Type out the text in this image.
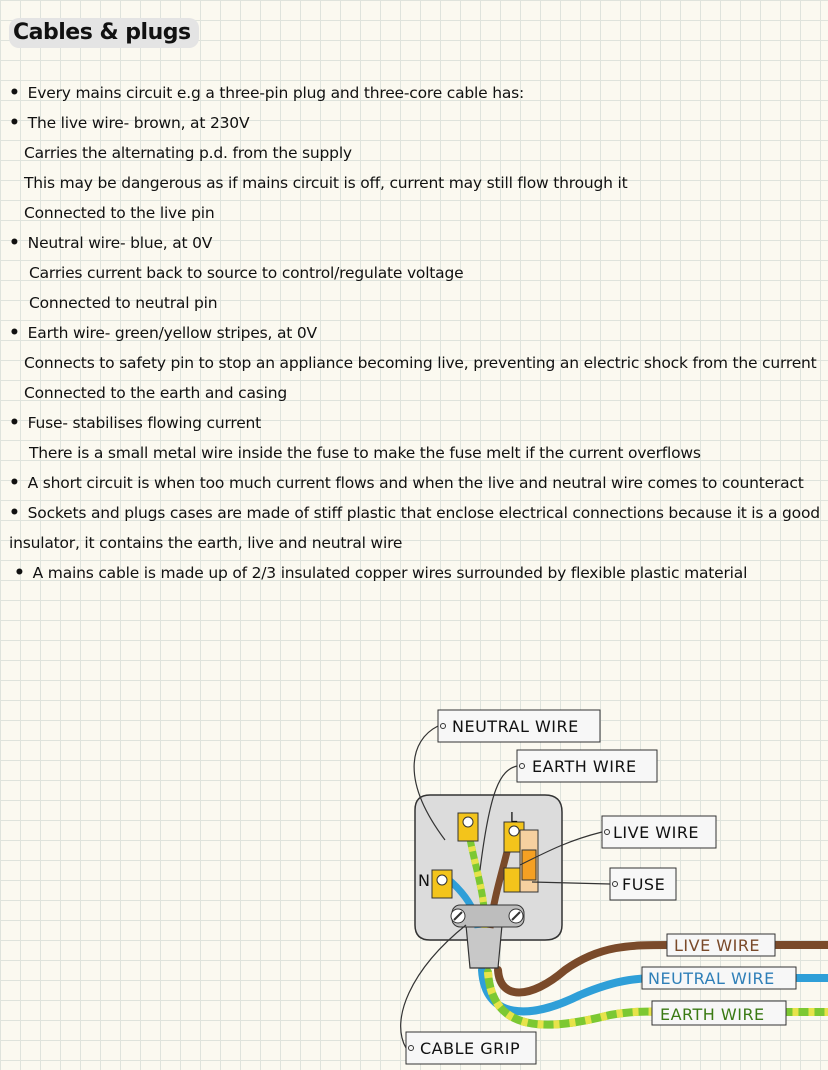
Cables & plugs
• Every mains circuit e.g a three-pin plug and three-core cable has:
• The live wire- brown, at 230V
Carries the alternating p.d. from the supply
This may be dangerous as if mains circuit is off, current may still flow through it
Connected to the live pin
• Neutral wire- blue, at 0V
Carries current back to source to control/regulate voltage
Connected to neutral pin
• Earth wire- green/yellow stripes, at 0V
Connects to safety pin to stop an appliance becoming live, preventing an electric shock from the current
Connected to the earth and casing
• Fuse- stabilises flowing current
There is a small metal wire inside the fuse to make the fuse melt if the current overflows
• A short circuit is when too much current flows and when the live and neutral wire comes to counteract
• Sockets and plugs cases are made of stiff plastic that enclose electrical connections because it is a good insulator, it contains the earth, live and neutral wire
• A mains cable is made up of 2/3 insulated copper wires surrounded by flexible plastic material
N
L
NEUTRAL WIRE
EARTH WIRE
LIVE WIRE
FUSE
CABLE GRIP
LIVE WIRE
NEUTRAL WIRE
EARTH WIRE
